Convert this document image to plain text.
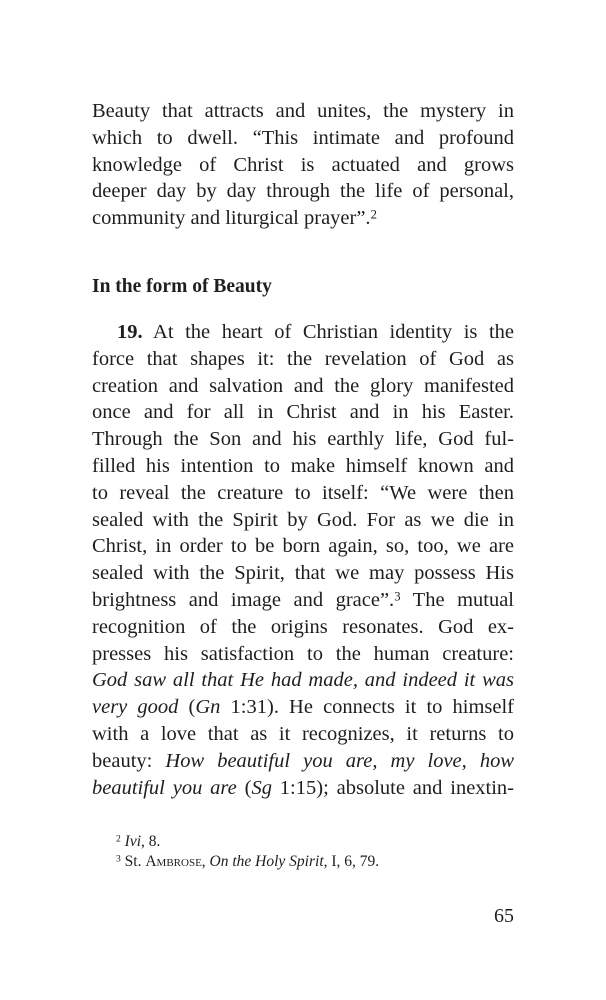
Beauty that attracts and unites, the mystery in
which to dwell. “This intimate and profound
knowledge of Christ is actuated and grows
deeper day by day through the life of personal,
community and liturgical prayer”.$^2$
In the form of Beauty
19. At the heart of Christian identity is the
force that shapes it: the revelation of God as
creation and salvation and the glory manifested
once and for all in Christ and in his Easter.
Through the Son and his earthly life, God ful-
filled his intention to make himself known and
to reveal the creature to itself: “We were then
sealed with the Spirit by God. For as we die in
Christ, in order to be born again, so, too, we are
sealed with the Spirit, that we may possess His
brightness and image and grace”.$^3$ The mutual
recognition of the origins resonates. God ex-
presses his satisfaction to the human creature:
God saw all that He had made, and indeed it was
very good (Gn 1:31). He connects it to himself
with a love that as it recognizes, it returns to
beauty: How beautiful you are, my love, how
beautiful you are (Sg 1:15); absolute and inextin-
$^2$ Ivi, 8.
$^3$ St. Ambrose, On the Holy Spirit, I, 6, 79.
65
